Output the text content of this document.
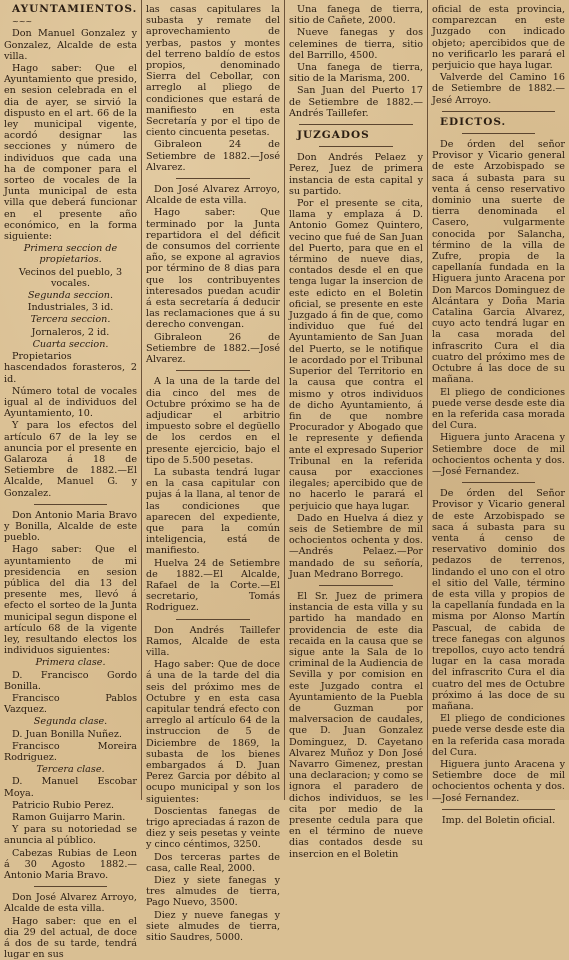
AYUNTAMIENTOS.

~~~

Don Manuel Gonzalez y Gonzalez, Alcalde de esta villa.

Hago saber: Que el Ayuntamiento que presido, en sesion celebrada en el dia de ayer, se sirvió la dispusto en el art. 66 de la ley municipal vigente, acordó designar las secciones y número de individuos que cada una ha de componer para el sorteo de vocales de la Junta municipal de esta villa que deberá funcionar en el presente año económico, en la forma siguiente:

Primera seccion de propietarios.

Vecinos del pueblo, 3 vocales.

Segunda seccion.

Industriales, 3 id.

Tercera seccion.

Jornaleros, 2 id.

Cuarta seccion.

Propietarios hascendados forasteros, 2 id.

Número total de vocales igual al de individuos del Ayuntamiento, 10.

Y para los efectos del artículo 67 de la ley se anuncia por el presente en Galaroza á 18 de Setiembre de 1882.—El Alcalde, Manuel G. y Gonzalez.

Don Antonio Maria Bravo y Bonilla, Alcalde de este pueblo.

Hago saber: Que el ayuntamiento de mi presidencia en sesion pública del dia 13 del presente mes, llevó á efecto el sorteo de la Junta municipal segun dispone el artículo 68 de la vigente ley, resultando electos los individuos siguientes:

Primera clase.

D. Francisco Gordo Bonilla.

Francisco Pablos Vazquez.

Segunda clase.

D. Juan Bonilla Nuñez.

Francisco Moreira Rodriguez.

Tercera clase.

D. Manuel Escobar Moya.

Patricio Rubio Perez.

Ramon Guijarro Marin.

Y para su notoriedad se anuncia al público.

Cabezas Rubias de Leon á 30 Agosto 1882.—Antonio Maria Bravo.

Don José Alvarez Arroyo, Alcalde de esta villa.

Hago saber: que en el dia 29 del actual, de doce á dos de su tarde, tendrá lugar en sus

las casas capitulares la subasta y remate del aprovechamiento de yerbas, pastos y montes del terreno baldío de estos propios, denominado Sierra del Cebollar, con arreglo al pliego de condiciones que estará de manifiesto en esta Secretaría y por el tipo de ciento cincuenta pesetas.

Gibraleon 24 de Setiembre de 1882.—José Alvarez.

Don José Alvarez Arroyo, Alcalde de esta villa.

Hago saber: Que terminado por la Junta repartidora el del déficit de consumos del corriente año, se expone al agravios por término de 8 dias para que los contribuyentes interesados puedan acudir á esta secretaría á deducir las reclamaciones que á su derecho convengan.

Gibraleon 26 de Setiembre de 1882.—José Alvarez.

A la una de la tarde del dia cinco del mes de Octubre próximo se ha de adjudicar el arbitrio impuesto sobre el degüello de los cerdos en el presente ejercicio, bajo el tipo de 5.500 pesetas.

La subasta tendrá lugar en la casa capitular con pujas á la llana, al tenor de las condiciones que aparecen del expediente, que para la común inteligencia, está de manifiesto.

Huelva 24 de Setiembre de 1882.—El Alcalde, Rafael de la Corte.—El secretario, Tomás Rodriguez.

Don Andrés Taillefer Ramos, Alcalde de esta villa.

Hago saber: Que de doce á una de la tarde del dia seis del próximo mes de Octubre y en esta casa capitular tendrá efecto con arreglo al artículo 64 de la instruccion de 5 de Diciembre de 1869, la subasta de los bienes embargados á D. Juan Perez Garcia por débito al ocupo municipal y son los siguientes:

Doscientas fanegas de trigo apreciadas á razon de diez y seis pesetas y veinte y cinco céntimos, 3250.

Dos terceras partes de casa, calle Real, 2000.

Diez y siete fanegas y tres almudes de tierra, Pago Nuevo, 3500.

Diez y nueve fanegas y siete almudes de tierra, sitio Saudres, 5000.

Una fanega de tierra, sitio de Cañete, 2000.

Nueve fanegas y dos celemines de tierra, sitio del Barrillo, 4500.

Una fanega de tierra, sitio de la Marisma, 200.

San Juan del Puerto 17 de Setiembre de 1882.—Andrés Taillefer.

JUZGADOS

Don Andrés Pelaez y Perez, Juez de primera instancia de esta capital y su partido.

Por el presente se cita, llama y emplaza á D. Antonio Gomez Quintero, vecino que fué de San Juan del Puerto, para que en el término de nueve dias, contados desde el en que tenga lugar la insercion de este edicto en el Boletin oficial, se presente en este Juzgado á fin de que, como individuo que fué del Ayuntamiento de San Juan del Puerto, se le notifique le acordado por el Tribunal Superior del Territorio en la causa que contra el mismo y otros individuos de dicho Ayuntamiento, á fin de que nombre Procurador y Abogado que le represente y defienda ante el expresado Superior Tribunal en la referida causa por exacciones ilegales; apercibido que de no hacerlo le parará el perjuicio que haya lugar.

Dado en Huelva á diez y seis de Setiembre de mil ochocientos ochenta y dos.—Andrés Pelaez.—Por mandado de su señoría, Juan Medrano Borrego.

El Sr. Juez de primera instancia de esta villa y su partido ha mandado en providencia de este dia recaida en la causa que se sigue ante la Sala de lo criminal de la Audiencia de Sevilla y por comision en este Juzgado contra el Ayuntamiento de la Puebla de Guzman por malversacion de caudales, que D. Juan Gonzalez Dominguez, D. Cayetano Alvarez Muñoz y Don José Navarro Gimenez, prestan una declaracion; y como se ignora el paradero de dichos individuos, se les cita por medio de la presente cedula para que en el término de nueve dias contados desde su insercion en el Boletin

oficial de esta provincia, comparezcan en este Juzgado con indicado objeto; apercibidos que de no verificarlo les parará el perjuicio que haya lugar.

Valverde del Camino 16 de Setiembre de 1882.—Jesé Arroyo.

EDICTOS.

De órden del señor Provisor y Vicario general de este Arzobispado se saca á subasta para su venta á censo reservativo dominio una suerte de tierra denominada el Casero, vulgarmente conocida por Salancha, término de la villa de Zufre, propia de la capellanía fundada en la Higuera junto Aracena por Don Marcos Dominguez de Alcántara y Doña Maria Catalina Garcia Alvarez, cuyo acto tendrá lugar en la casa morada del infrascrito Cura el dia cuatro del próximo mes de Octubre á las doce de su mañana.

El pliego de condiciones puede verse desde este dia en la referida casa morada del Cura.

Higuera junto Aracena y Setiembre doce de mil ochocientos ochenta y dos.—José Fernandez.

De órden del Señor Provisor y Vicario general de este Arzobispado se saca á subasta para su venta á censo de reservativo dominio dos pedazos de terrenos, lindando el uno con el otro el sitio del Valle, término de esta villa y propios de la capellanía fundada en la misma por Alonso Martín Pascual, de cabida de trece fanegas con algunos trepollos, cuyo acto tendrá lugar en la casa morada del infrascrito Cura el dia cuatro del mes de Octubre próximo á las doce de su mañana.

El pliego de condiciones puede verse desde este dia en la referida casa morada del Cura.

Higuera junto Aracena y Setiembre doce de mil ochocientos ochenta y dos.—José Fernandez.

Imp. del Boletin oficial.
